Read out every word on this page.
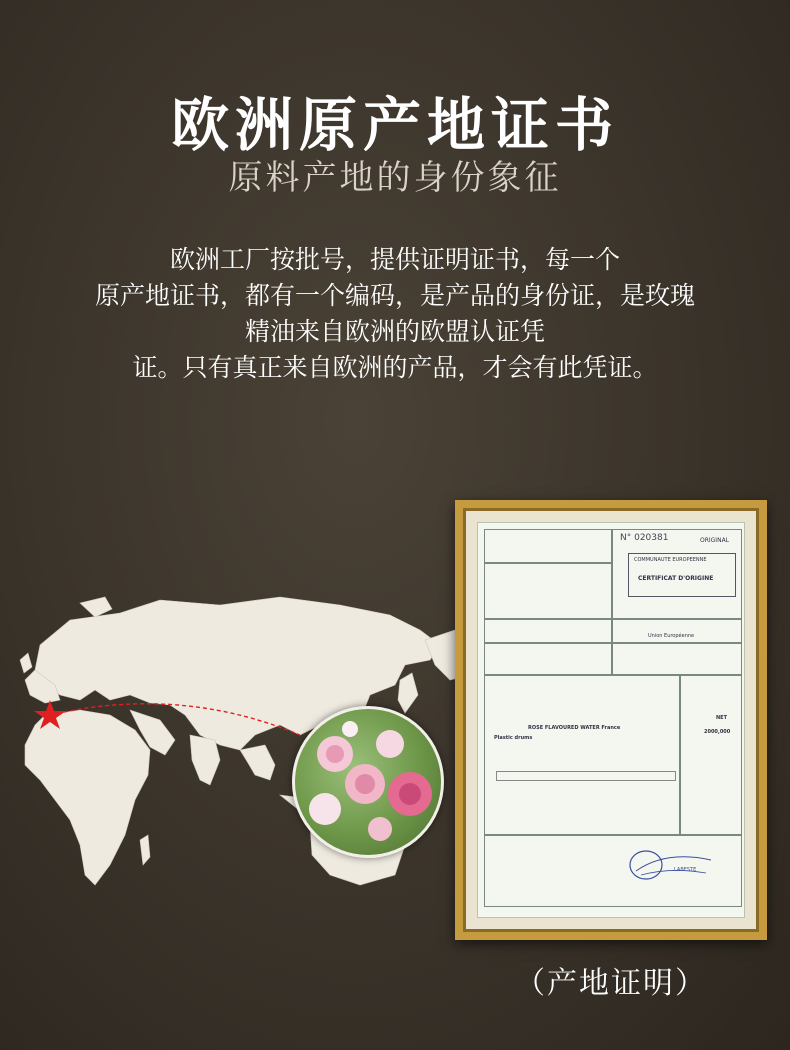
欧洲原产地证书

原料产地的身份象征

欧洲工厂按批号，提供证明证书，每一个
原产地证书，都有一个编码，是产品的身份证，是玫瑰
精油来自欧洲的欧盟认证凭
证。只有真正来自欧洲的产品，才会有此凭证。
N° 020381	ORIGINAL
COMMUNAUTE EUROPEENNE
CERTIFICAT D'ORIGINE
Union Européenne
ROSE FLAVOURED WATER France
Plastic drums
NET
2000,000
LABESTE

（产地证明）
